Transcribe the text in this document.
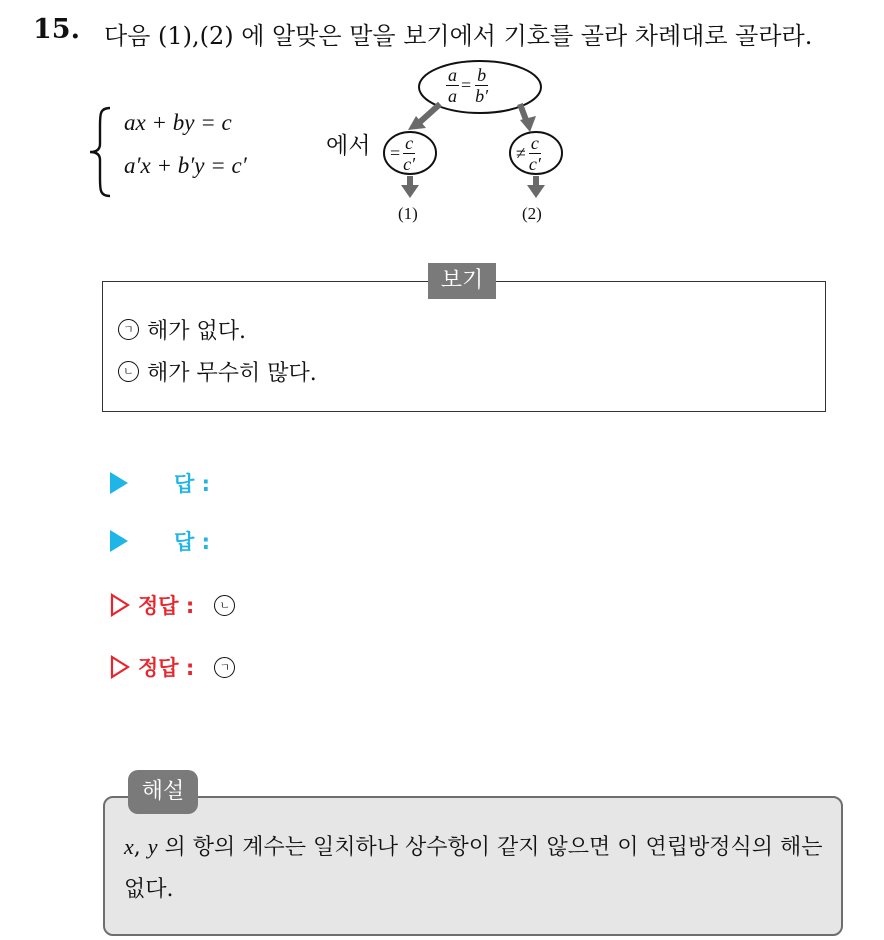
15. 다음 (1),(2) 에 알맞은 말을 보기에서 기호를 골라 차례대로 골라라.
ax + by = c
a′x + b′y = c′
에서
$\frac{a}{a} = \frac{b}{b'}$
= $\frac{c}{c'}$	≠ $\frac{c}{c'}$
(1)	(2)
보기
ㄱ 해가 없다.
ㄴ 해가 무수히 많다.
답 :
답 :
정답 :	ㄴ
정답 :	ㄱ
해설
x, y 의 항의 계수는 일치하나 상수항이 같지 않으면 이 연립방정식의 해는 없다.
